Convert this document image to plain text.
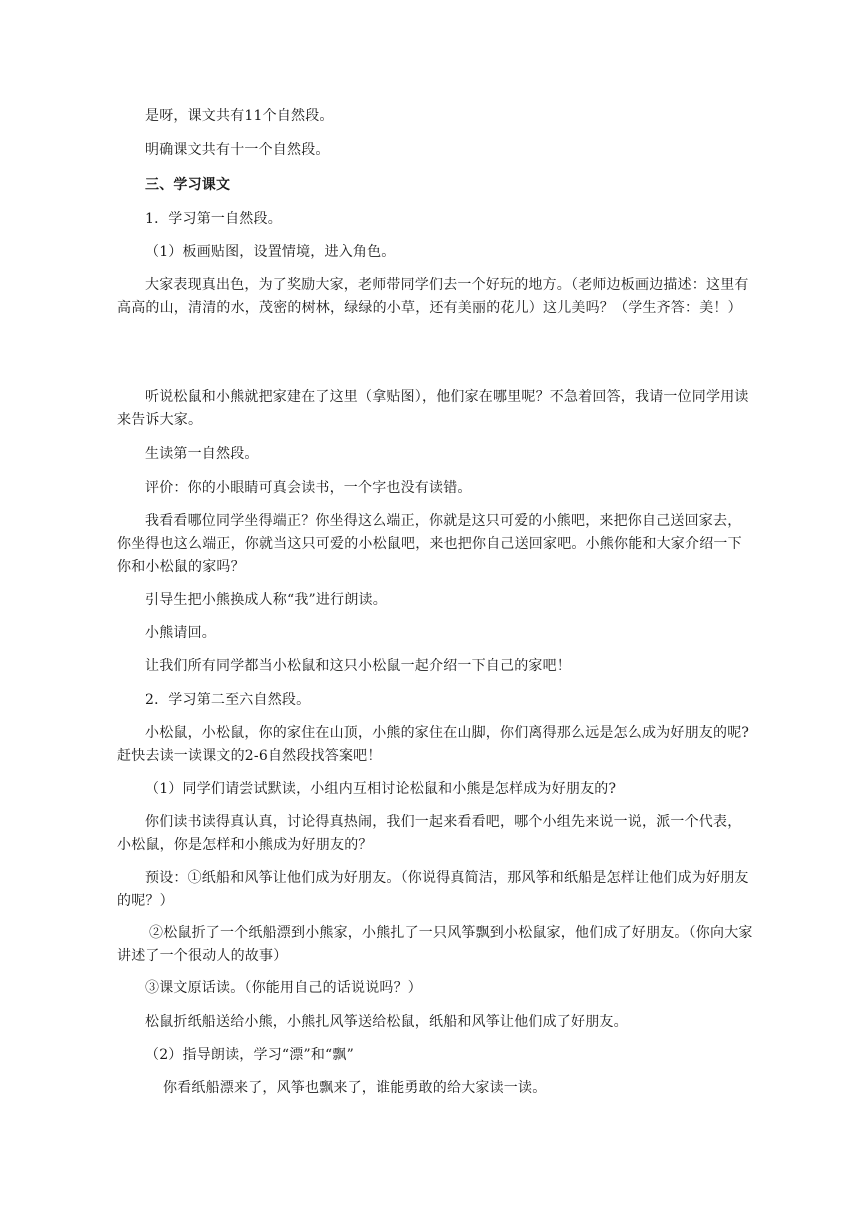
是呀，课文共有11个自然段。

明确课文共有十一个自然段。

三、学习课文

1．学习第一自然段。

（1）板画贴图，设置情境，进入角色。

大家表现真出色，为了奖励大家，老师带同学们去一个好玩的地方。（老师边板画边描述：这里有高高的山，清清的水，茂密的树林，绿绿的小草，还有美丽的花儿）这儿美吗？（学生齐答：美！）

听说松鼠和小熊就把家建在了这里（拿贴图），他们家在哪里呢？不急着回答，我请一位同学用读来告诉大家。

生读第一自然段。

评价：你的小眼睛可真会读书，一个字也没有读错。

我看看哪位同学坐得端正？你坐得这么端正，你就是这只可爱的小熊吧，来把你自己送回家去，你坐得也这么端正，你就当这只可爱的小松鼠吧，来也把你自己送回家吧。小熊你能和大家介绍一下你和小松鼠的家吗？

引导生把小熊换成人称“我”进行朗读。

小熊请回。

让我们所有同学都当小松鼠和这只小松鼠一起介绍一下自己的家吧！

2．学习第二至六自然段。

小松鼠，小松鼠，你的家住在山顶，小熊的家住在山脚，你们离得那么远是怎么成为好朋友的呢?赶快去读一读课文的2-6自然段找答案吧！

（1）同学们请尝试默读，小组内互相讨论松鼠和小熊是怎样成为好朋友的?

你们读书读得真认真，讨论得真热闹，我们一起来看看吧，哪个小组先来说一说，派一个代表，小松鼠，你是怎样和小熊成为好朋友的？

预设：①纸船和风筝让他们成为好朋友。（你说得真简洁，那风筝和纸船是怎样让他们成为好朋友的呢？）

②松鼠折了一个纸船漂到小熊家，小熊扎了一只风筝飘到小松鼠家，他们成了好朋友。（你向大家讲述了一个很动人的故事）

③课文原话读。（你能用自己的话说说吗？）

松鼠折纸船送给小熊，小熊扎风筝送给松鼠，纸船和风筝让他们成了好朋友。

（2）指导朗读，学习“漂”和“飘”

你看纸船漂来了，风筝也飘来了，谁能勇敢的给大家读一读。
